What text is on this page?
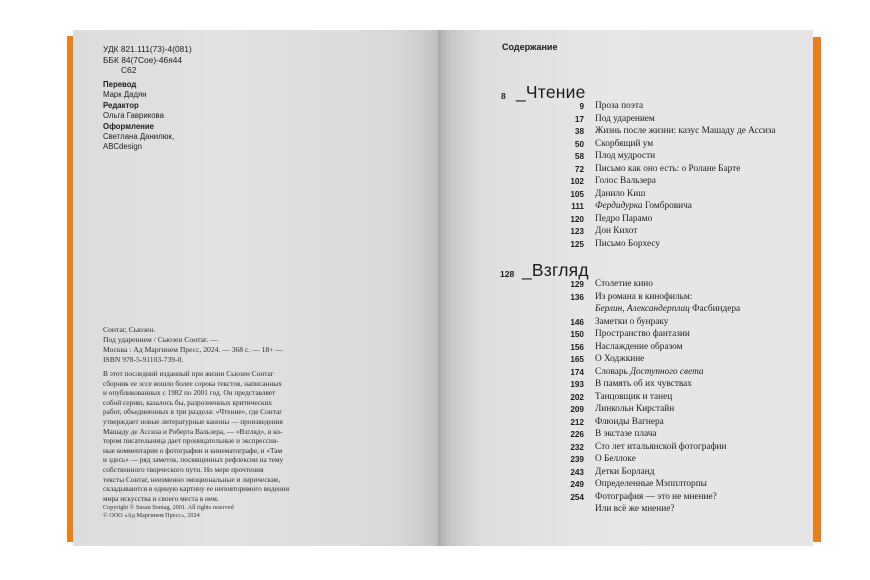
УДК 821.111(73)-4(081)
ББК 84(7Сое)-46я44
С62
Перевод
Марк Дадян
Редактор
Ольга Гаврикова
Оформление
Светлана Данилюк,
ABCdesign
Сонтаг, Сьюзен.
Под ударением / Сьюзен Сонтаг. —
Москва : Ад Маргинем Пресс, 2024. — 368 с. — 18+ —
ISBN 978-5-91103-739-0.
В этот последний изданный при жизни Сьюзен Сонтаг
сборник ее эссе вошло более сорока текстов, написанных
и опубликованных с 1982 по 2001 год. Он представляет
собой серию, казалось бы, разрозненных критических
работ, объединенных в три раздела: «Чтение», где Сонтаг
утверждает новые литературные каноны — произведения
Машаду де Ассиза и Роберта Вальзера, — «Взгляд», в ко-
тором писательница дает проницательные и экспрессив-
ные комментарии о фотографии и кинематографе, и «Там
и здесь» — ряд заметок, посвященных рефлексии на тему
собственного творческого пути. Но мере прочтения
тексты Сонтаг, неизменно эмоциональные и лирические,
складываются в единую картину ее неповторимого видения
мира искусства и своего места в нем.
Copyright © Susan Sontag, 2001. All rights reserved
© ООО «Ад Маргинем Пресс», 2024
Содержание
8 _Чтение
9 Проза поэта
17 Под ударением
38 Жизнь после жизни: казус Машаду де Ассиза
50 Скорбящий ум
58 Плод мудрости
72 Письмо как оно есть: о Ролане Барте
102 Голос Вальзера
105 Данило Киш
111 Фердидурка Гомбровича
120 Педро Парамо
123 Дон Кихот
125 Письмо Борхесу
128 _Взгляд
129 Столетие кино
136 Из романа в кинофильм:
Берлин, Александерплац Фасбиндера
146 Заметки о бунраку
150 Пространство фантазии
156 Наслаждение образом
165 О Ходжкине
174 Словарь Доступного света
193 В память об их чувствах
202 Танцовщик и танец
209 Линкольн Кирстайн
212 Флюиды Вагнера
226 В экстазе плача
232 Сто лет итальянской фотографии
239 О Беллоке
243 Детки Борланд
249 Определенные Мэпплторпы
254 Фотография — это не мнение?
Или всё же мнение?
